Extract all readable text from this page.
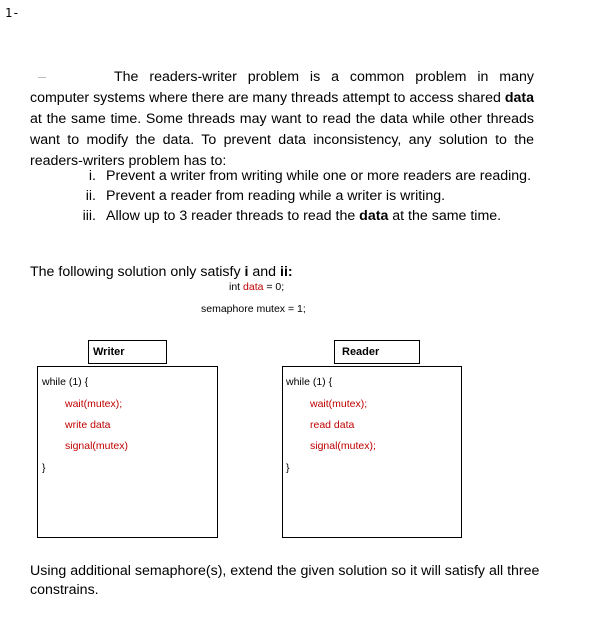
1-
The readers-writer problem is a common problem in many computer systems where there are many threads attempt to access shared data at the same time. Some threads may want to read the data while other threads want to modify the data. To prevent data inconsistency, any solution to the readers-writers problem has to:
i. Prevent a writer from writing while one or more readers are reading.
ii. Prevent a reader from reading while a writer is writing.
iii. Allow up to 3 reader threads to read the data at the same time.
The following solution only satisfy i and ii:
int data = 0;
semaphore mutex = 1;
Writer
while (1) {
wait(mutex);
write data
signal(mutex)
}
Reader
while (1) {
wait(mutex);
read data
signal(mutex);
}
Using additional semaphore(s), extend the given solution so it will satisfy all three constrains.
